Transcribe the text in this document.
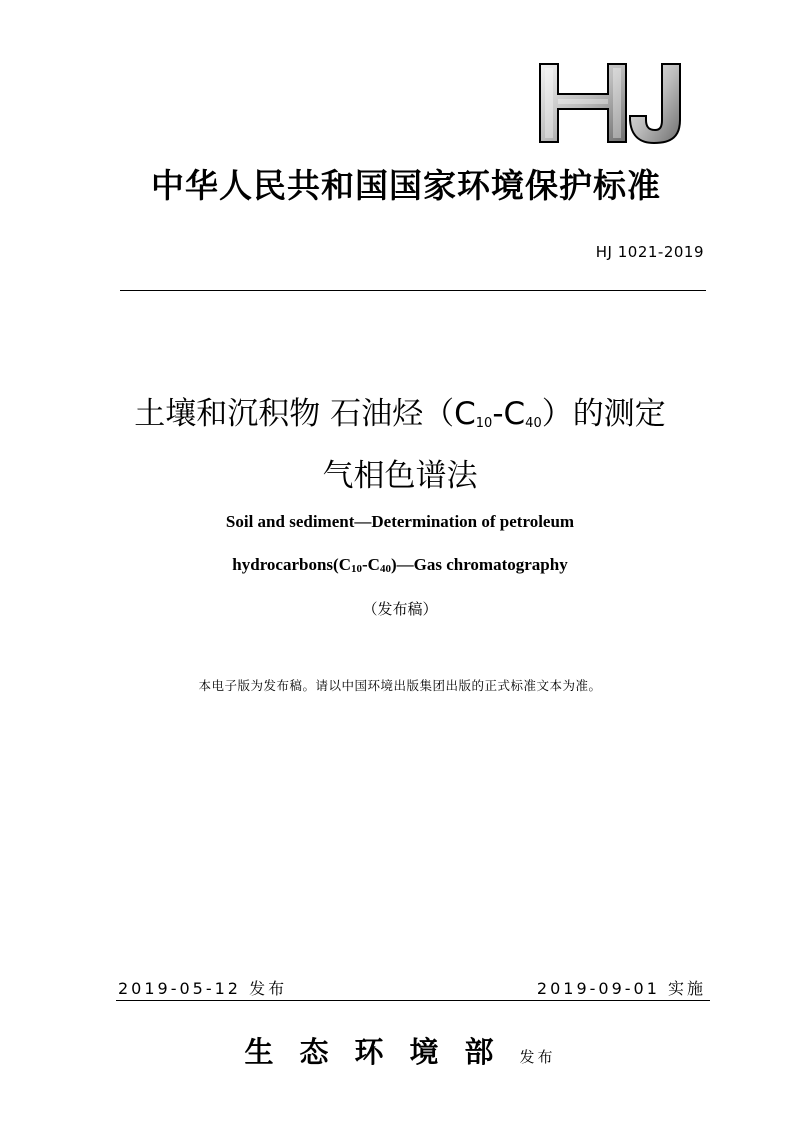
中华人民共和国国家环境保护标准
HJ 1021-2019
土壤和沉积物 石油烃$(C_{10}-C_{40})$的测定
气相色谱法
Soil and sediment—Determination of petroleum
hydrocarbons(C10-C40)—Gas chromatography
（发布稿）
本电子版为发布稿。请以中国环境出版集团出版的正式标准文本为准。
2019-05-12 发布	2019-09-01 实施
生态环境部发布
